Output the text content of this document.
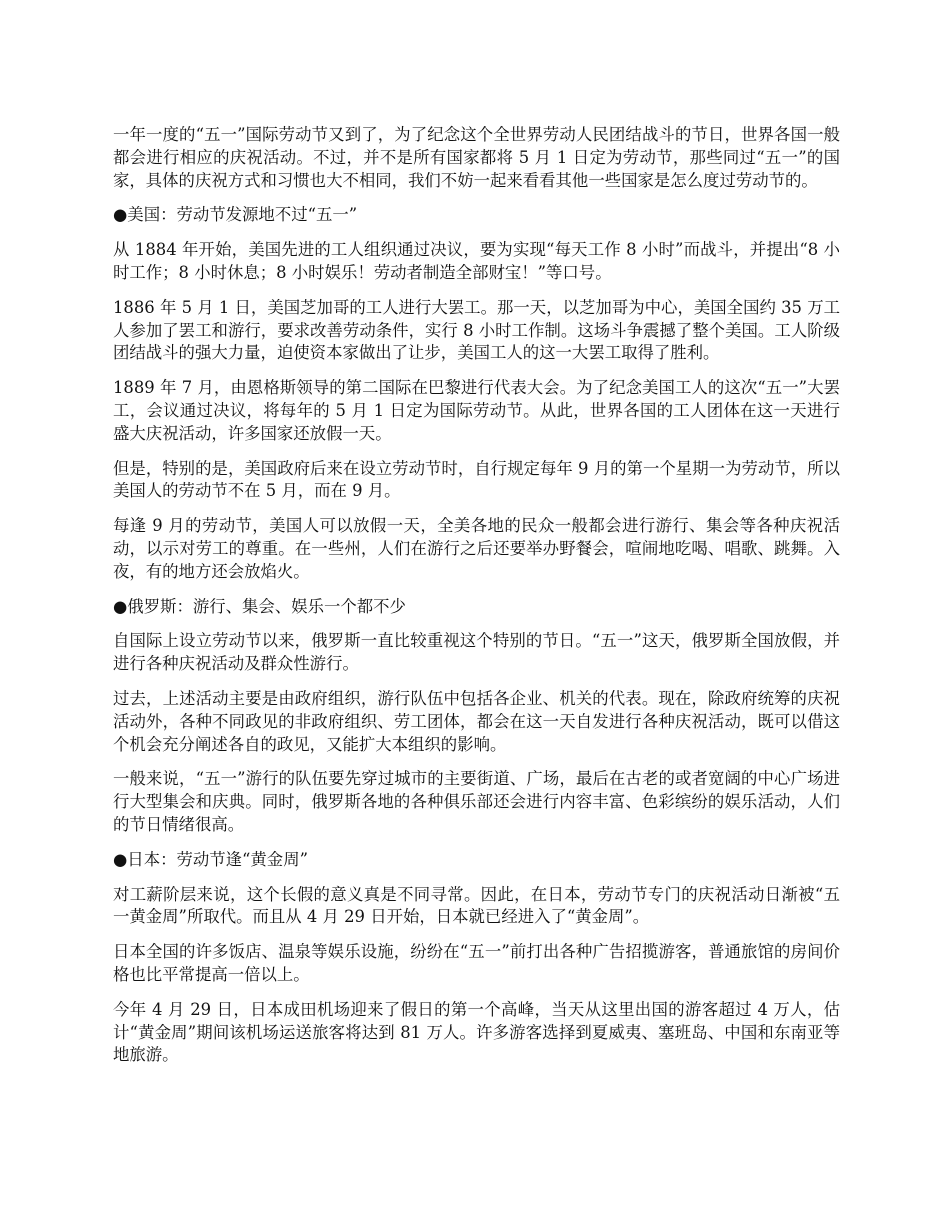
一年一度的“五一”国际劳动节又到了，为了纪念这个全世界劳动人民团结战斗的节日，世界各国一般都会进行相应的庆祝活动。不过，并不是所有国家都将 5 月 1 日定为劳动节，那些同过“五一”的国家，具体的庆祝方式和习惯也大不相同，我们不妨一起来看看其他一些国家是怎么度过劳动节的。

●美国：劳动节发源地不过“五一”

从 1884 年开始，美国先进的工人组织通过决议，要为实现“每天工作 8 小时”而战斗，并提出“8 小时工作；8 小时休息；8 小时娱乐！劳动者制造全部财宝！”等口号。

1886 年 5 月 1 日，美国芝加哥的工人进行大罢工。那一天，以芝加哥为中心，美国全国约 35 万工人参加了罢工和游行，要求改善劳动条件，实行 8 小时工作制。这场斗争震撼了整个美国。工人阶级团结战斗的强大力量，迫使资本家做出了让步，美国工人的这一大罢工取得了胜利。

1889 年 7 月，由恩格斯领导的第二国际在巴黎进行代表大会。为了纪念美国工人的这次“五一”大罢工，会议通过决议，将每年的 5 月 1 日定为国际劳动节。从此，世界各国的工人团体在这一天进行盛大庆祝活动，许多国家还放假一天。

但是，特别的是，美国政府后来在设立劳动节时，自行规定每年 9 月的第一个星期一为劳动节，所以美国人的劳动节不在 5 月，而在 9 月。

每逢 9 月的劳动节，美国人可以放假一天，全美各地的民众一般都会进行游行、集会等各种庆祝活动，以示对劳工的尊重。在一些州，人们在游行之后还要举办野餐会，喧闹地吃喝、唱歌、跳舞。入夜，有的地方还会放焰火。

●俄罗斯：游行、集会、娱乐一个都不少

自国际上设立劳动节以来，俄罗斯一直比较重视这个特别的节日。“五一”这天，俄罗斯全国放假，并进行各种庆祝活动及群众性游行。

过去，上述活动主要是由政府组织，游行队伍中包括各企业、机关的代表。现在，除政府统筹的庆祝活动外，各种不同政见的非政府组织、劳工团体，都会在这一天自发进行各种庆祝活动，既可以借这个机会充分阐述各自的政见，又能扩大本组织的影响。

一般来说，“五一”游行的队伍要先穿过城市的主要街道、广场，最后在古老的或者宽阔的中心广场进行大型集会和庆典。同时，俄罗斯各地的各种俱乐部还会进行内容丰富、色彩缤纷的娱乐活动，人们的节日情绪很高。

●日本：劳动节逢“黄金周”

对工薪阶层来说，这个长假的意义真是不同寻常。因此，在日本，劳动节专门的庆祝活动日渐被“五一黄金周”所取代。而且从 4 月 29 日开始，日本就已经进入了“黄金周”。

日本全国的许多饭店、温泉等娱乐设施，纷纷在“五一”前打出各种广告招揽游客，普通旅馆的房间价格也比平常提高一倍以上。

今年 4 月 29 日，日本成田机场迎来了假日的第一个高峰，当天从这里出国的游客超过 4 万人，估计“黄金周”期间该机场运送旅客将达到 81 万人。许多游客选择到夏威夷、塞班岛、中国和东南亚等地旅游。
